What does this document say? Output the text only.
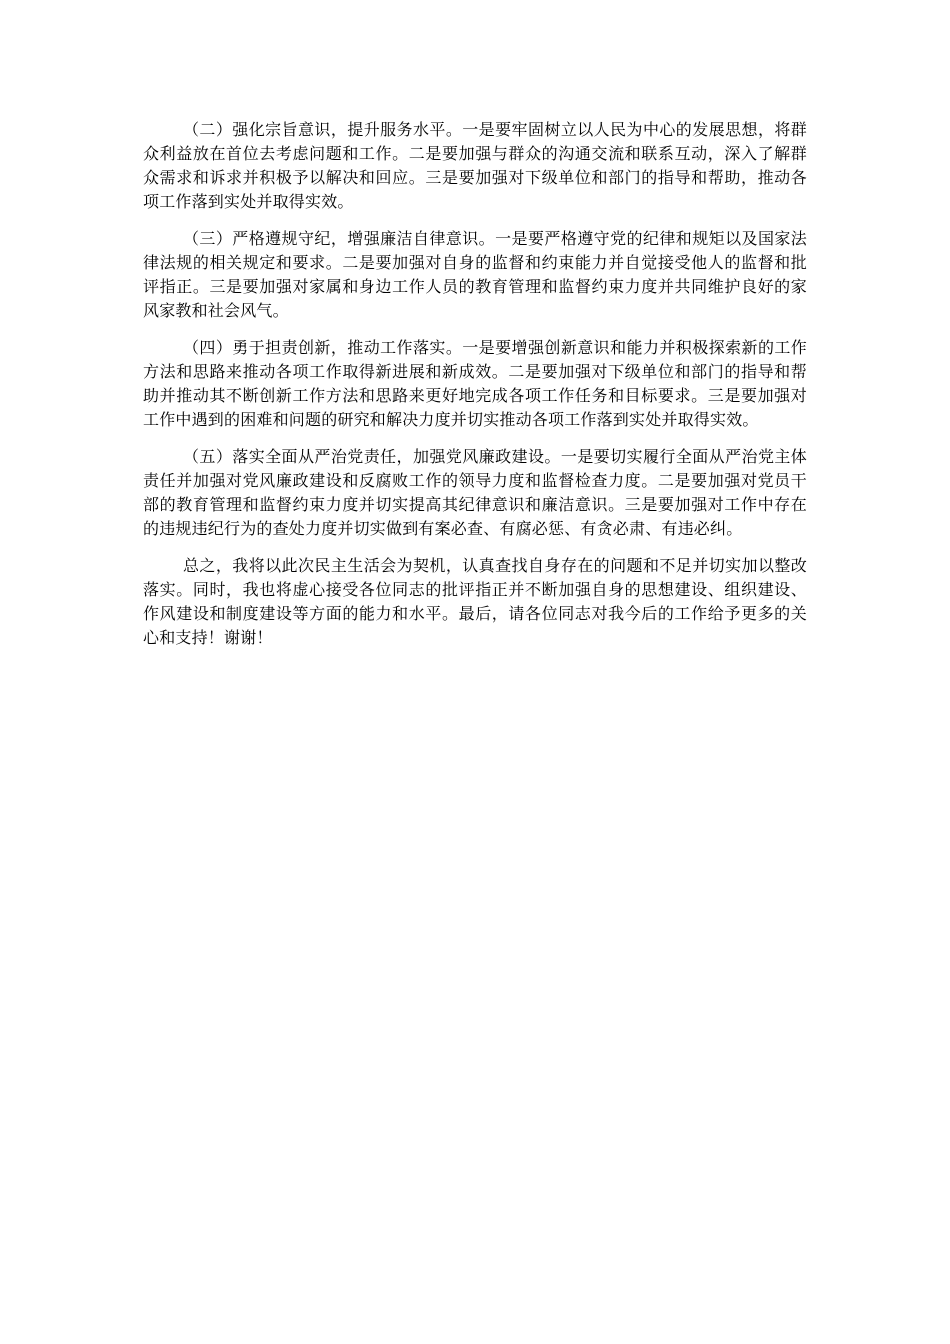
（二）强化宗旨意识，提升服务水平。一是要牢固树立以人民为中心的发展思想，将群众利益放在首位去考虑问题和工作。二是要加强与群众的沟通交流和联系互动，深入了解群众需求和诉求并积极予以解决和回应。三是要加强对下级单位和部门的指导和帮助，推动各项工作落到实处并取得实效。

（三）严格遵规守纪，增强廉洁自律意识。一是要严格遵守党的纪律和规矩以及国家法律法规的相关规定和要求。二是要加强对自身的监督和约束能力并自觉接受他人的监督和批评指正。三是要加强对家属和身边工作人员的教育管理和监督约束力度并共同维护良好的家风家教和社会风气。

（四）勇于担责创新，推动工作落实。一是要增强创新意识和能力并积极探索新的工作方法和思路来推动各项工作取得新进展和新成效。二是要加强对下级单位和部门的指导和帮助并推动其不断创新工作方法和思路来更好地完成各项工作任务和目标要求。三是要加强对工作中遇到的困难和问题的研究和解决力度并切实推动各项工作落到实处并取得实效。

（五）落实全面从严治党责任，加强党风廉政建设。一是要切实履行全面从严治党主体责任并加强对党风廉政建设和反腐败工作的领导力度和监督检查力度。二是要加强对党员干部的教育管理和监督约束力度并切实提高其纪律意识和廉洁意识。三是要加强对工作中存在的违规违纪行为的查处力度并切实做到有案必查、有腐必惩、有贪必肃、有违必纠。

总之，我将以此次民主生活会为契机，认真查找自身存在的问题和不足并切实加以整改落实。同时，我也将虚心接受各位同志的批评指正并不断加强自身的思想建设、组织建设、作风建设和制度建设等方面的能力和水平。最后，请各位同志对我今后的工作给予更多的关心和支持！谢谢！
